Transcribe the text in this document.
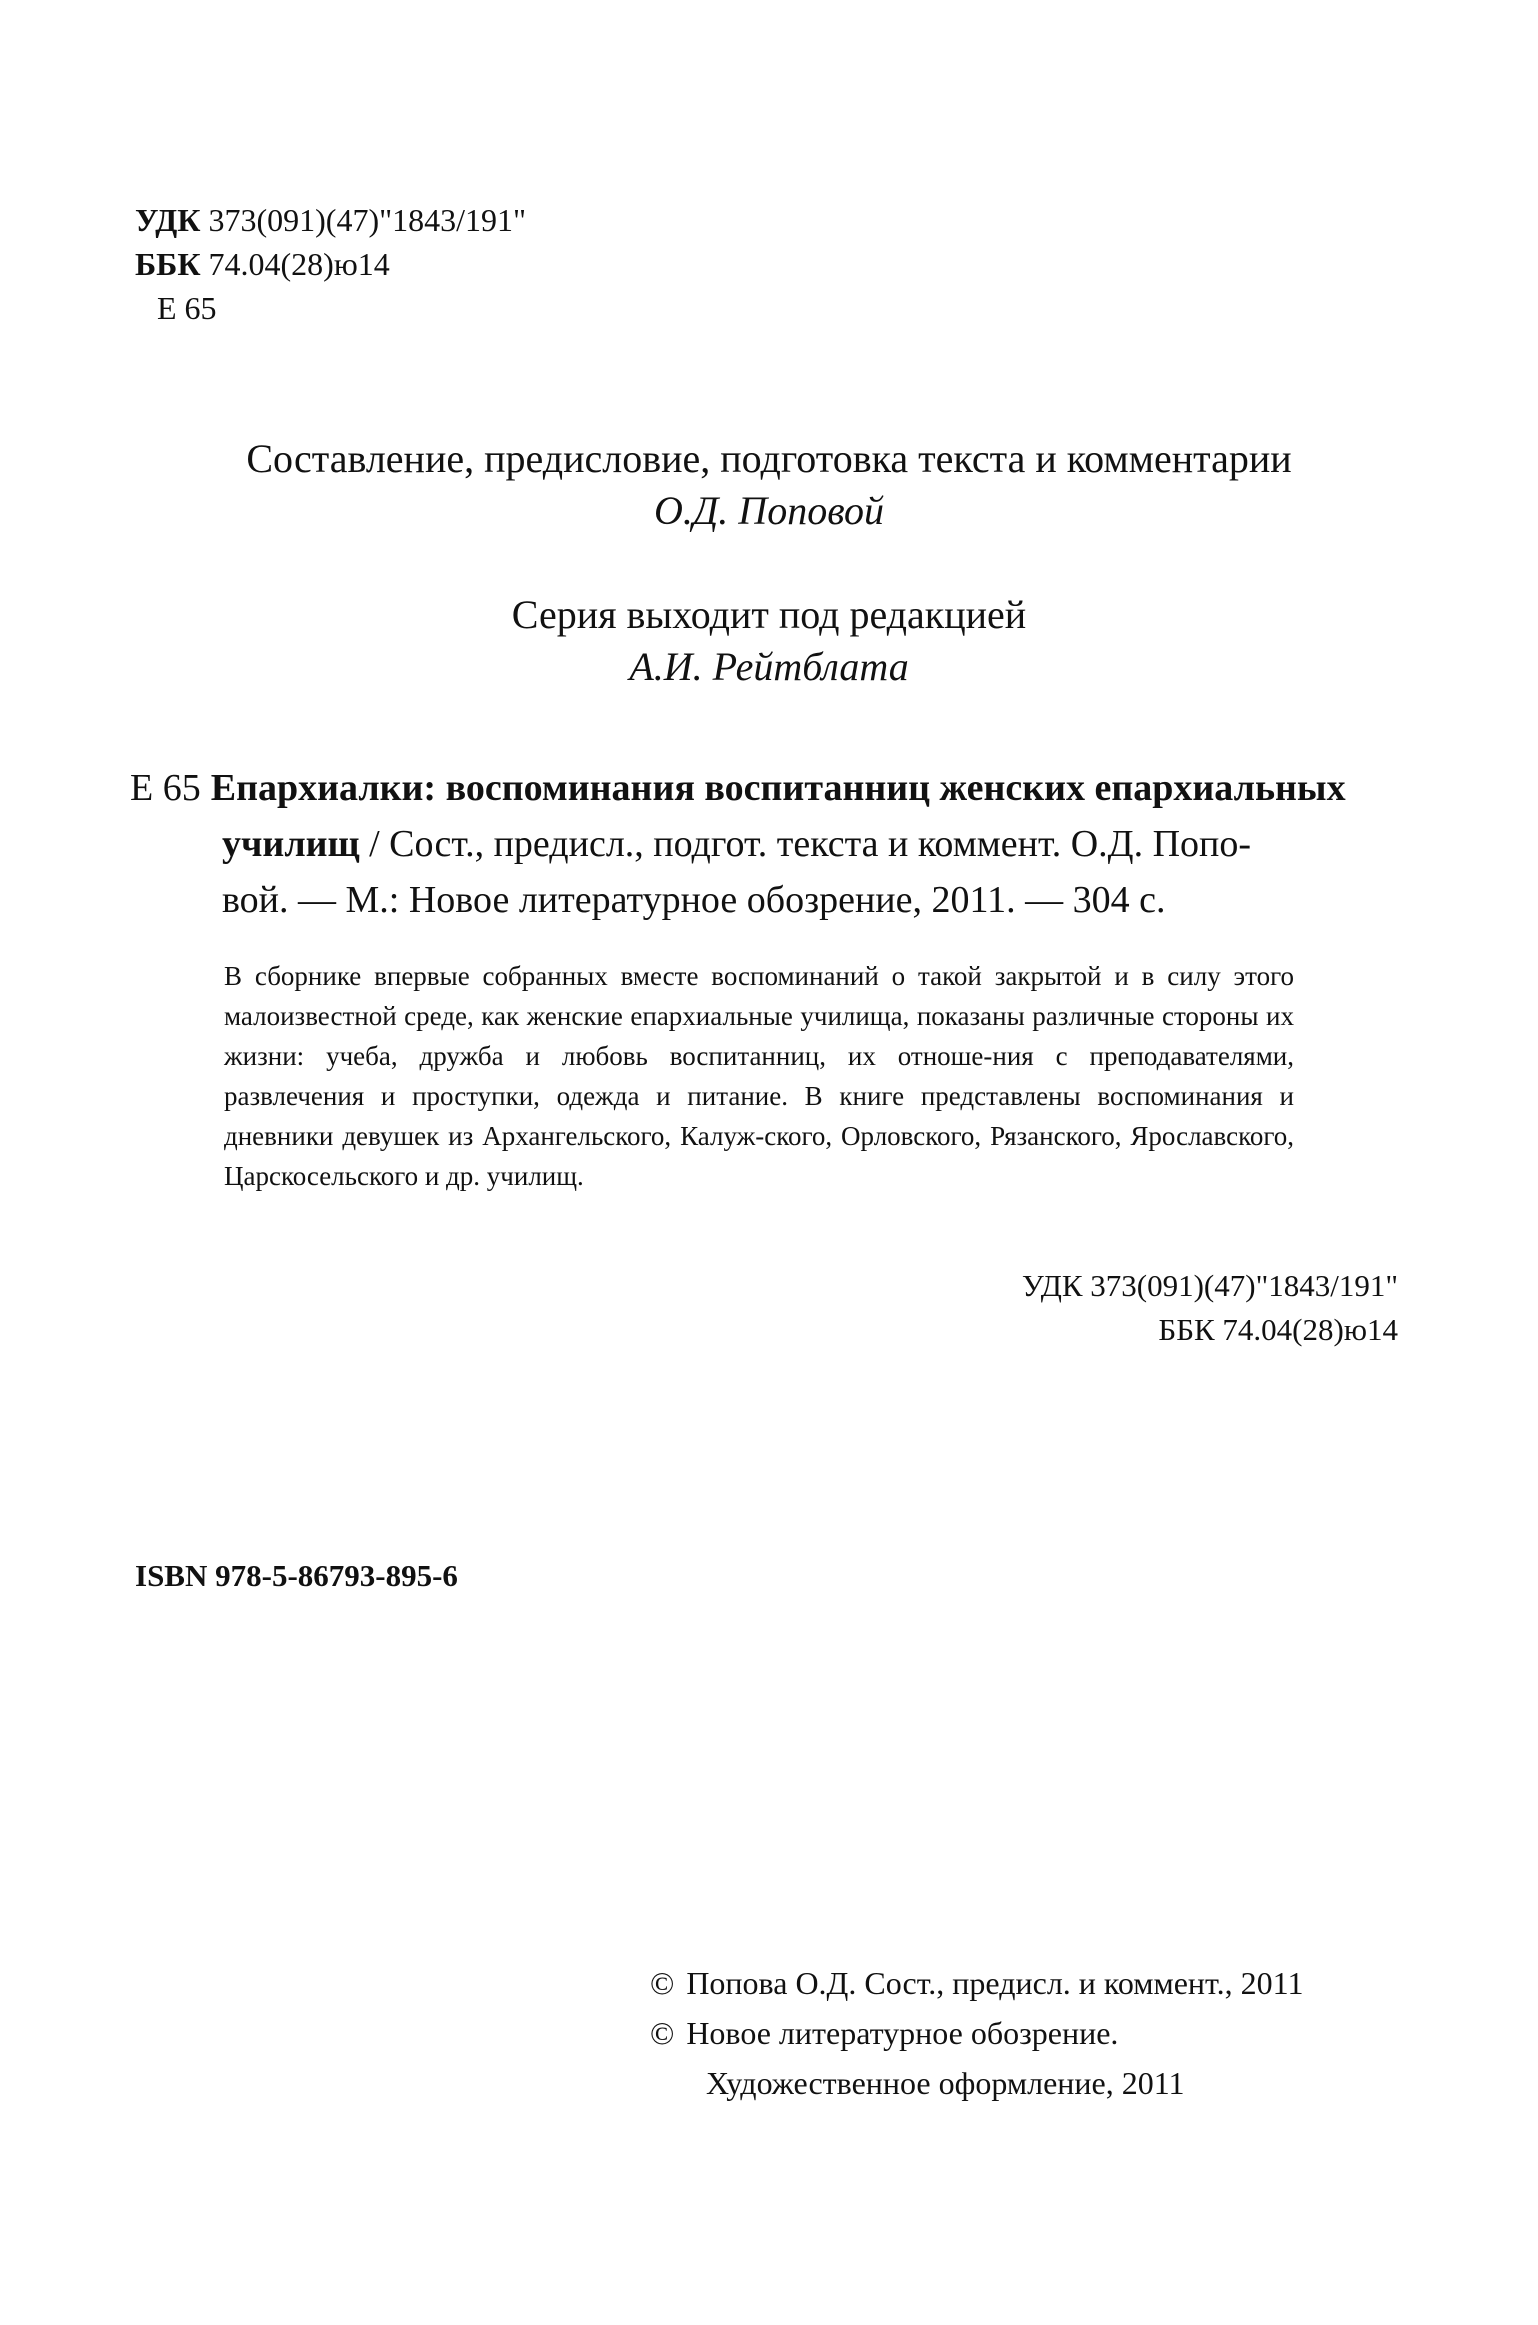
УДК 373(091)(47)"1843/191"
ББК 74.04(28)ю14
Е 65
Составление, предисловие, подготовка текста и комментарии
О.Д. Поповой
Серия выходит под редакцией
А.И. Рейтблата
Е 65 Епархиалки: воспоминания воспитанниц женских епархиальных
училищ / Сост., предисл., подгот. текста и коммент. О.Д. Попо-
вой. — М.: Новое литературное обозрение, 2011. — 304 с.
В сборнике впервые собранных вместе воспоминаний о такой закрытой и в силу этого малоизвестной среде, как женские епархиальные училища, показаны различные стороны их жизни: учеба, дружба и любовь воспитанниц, их отноше-ния с преподавателями, развлечения и проступки, одежда и питание. В книге представлены воспоминания и дневники девушек из Архангельского, Калуж-ского, Орловского, Рязанского, Ярославского, Царскосельского и др. училищ.
УДК 373(091)(47)"1843/191"
ББК 74.04(28)ю14
ISBN 978-5-86793-895-6
© Попова О.Д. Сост., предисл. и коммент., 2011
© Новое литературное обозрение.
Художественное оформление, 2011
